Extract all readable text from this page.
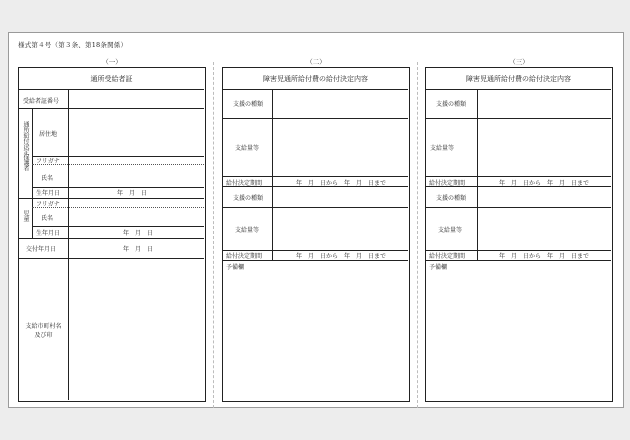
様式第４号（第３条、第18条関係）
（一）	（二）	（三）
通所受給者証
受給者証番号
通所給付決定保護者 居住地
フリガナ
氏名
生年月日	年　月　日
児童
フリガナ
氏名
生年月日	年　月　日
交付年月日	年　月　日
支給市町村名
及び印
障害児通所給付費の給付決定内容
支援の種類
支給量等
給付決定期間	年　月　日から　年　月　日まで
支援の種類
支給量等
給付決定期間	年　月　日から　年　月　日まで
予備欄
障害児通所給付費の給付決定内容
支援の種類
支給量等
給付決定期間	年　月　日から　年　月　日まで
支援の種類
支給量等
給付決定期間	年　月　日から　年　月　日まで
予備欄
